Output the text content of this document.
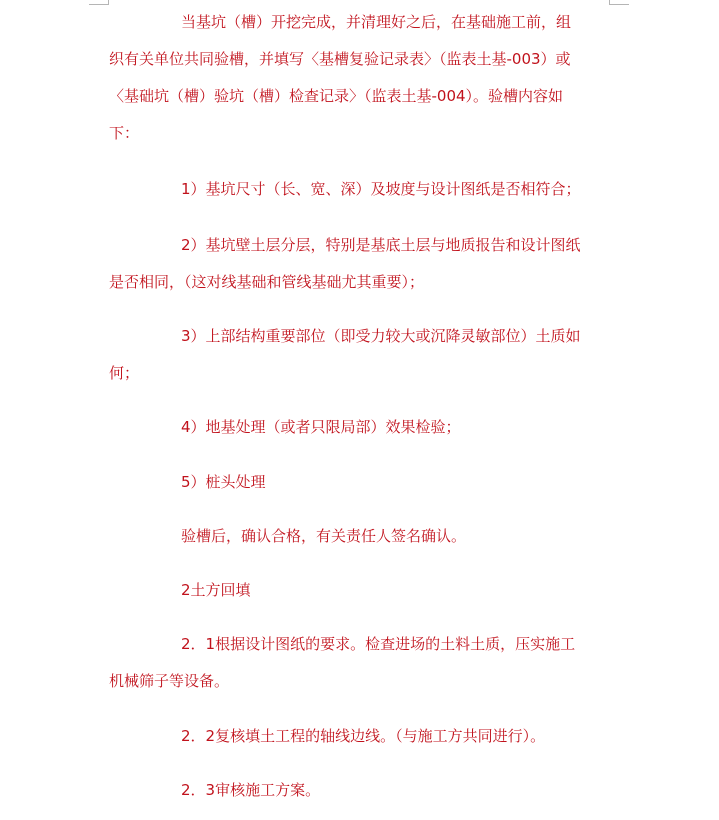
当基坑（槽）开挖完成，并清理好之后，在基础施工前，组
织有关单位共同验槽，并填写〈基槽复验记录表〉（监表土基-003）或
〈基础坑（槽）验坑（槽）检查记录〉（监表土基-004）。验槽内容如
下：

1）基坑尺寸（长、宽、深）及坡度与设计图纸是否相符合；

2）基坑壁土层分层，特别是基底土层与地质报告和设计图纸
是否相同，（这对线基础和管线基础尤其重要）；

3）上部结构重要部位（即受力较大或沉降灵敏部位）土质如
何；

4）地基处理（或者只限局部）效果检验；

5）桩头处理

验槽后，确认合格，有关责任人签名确认。

2土方回填

2．1根据设计图纸的要求。检查进场的土料土质，压实施工
机械筛子等设备。

2．2复核填土工程的轴线边线。（与施工方共同进行）。

2．3审核施工方案。
